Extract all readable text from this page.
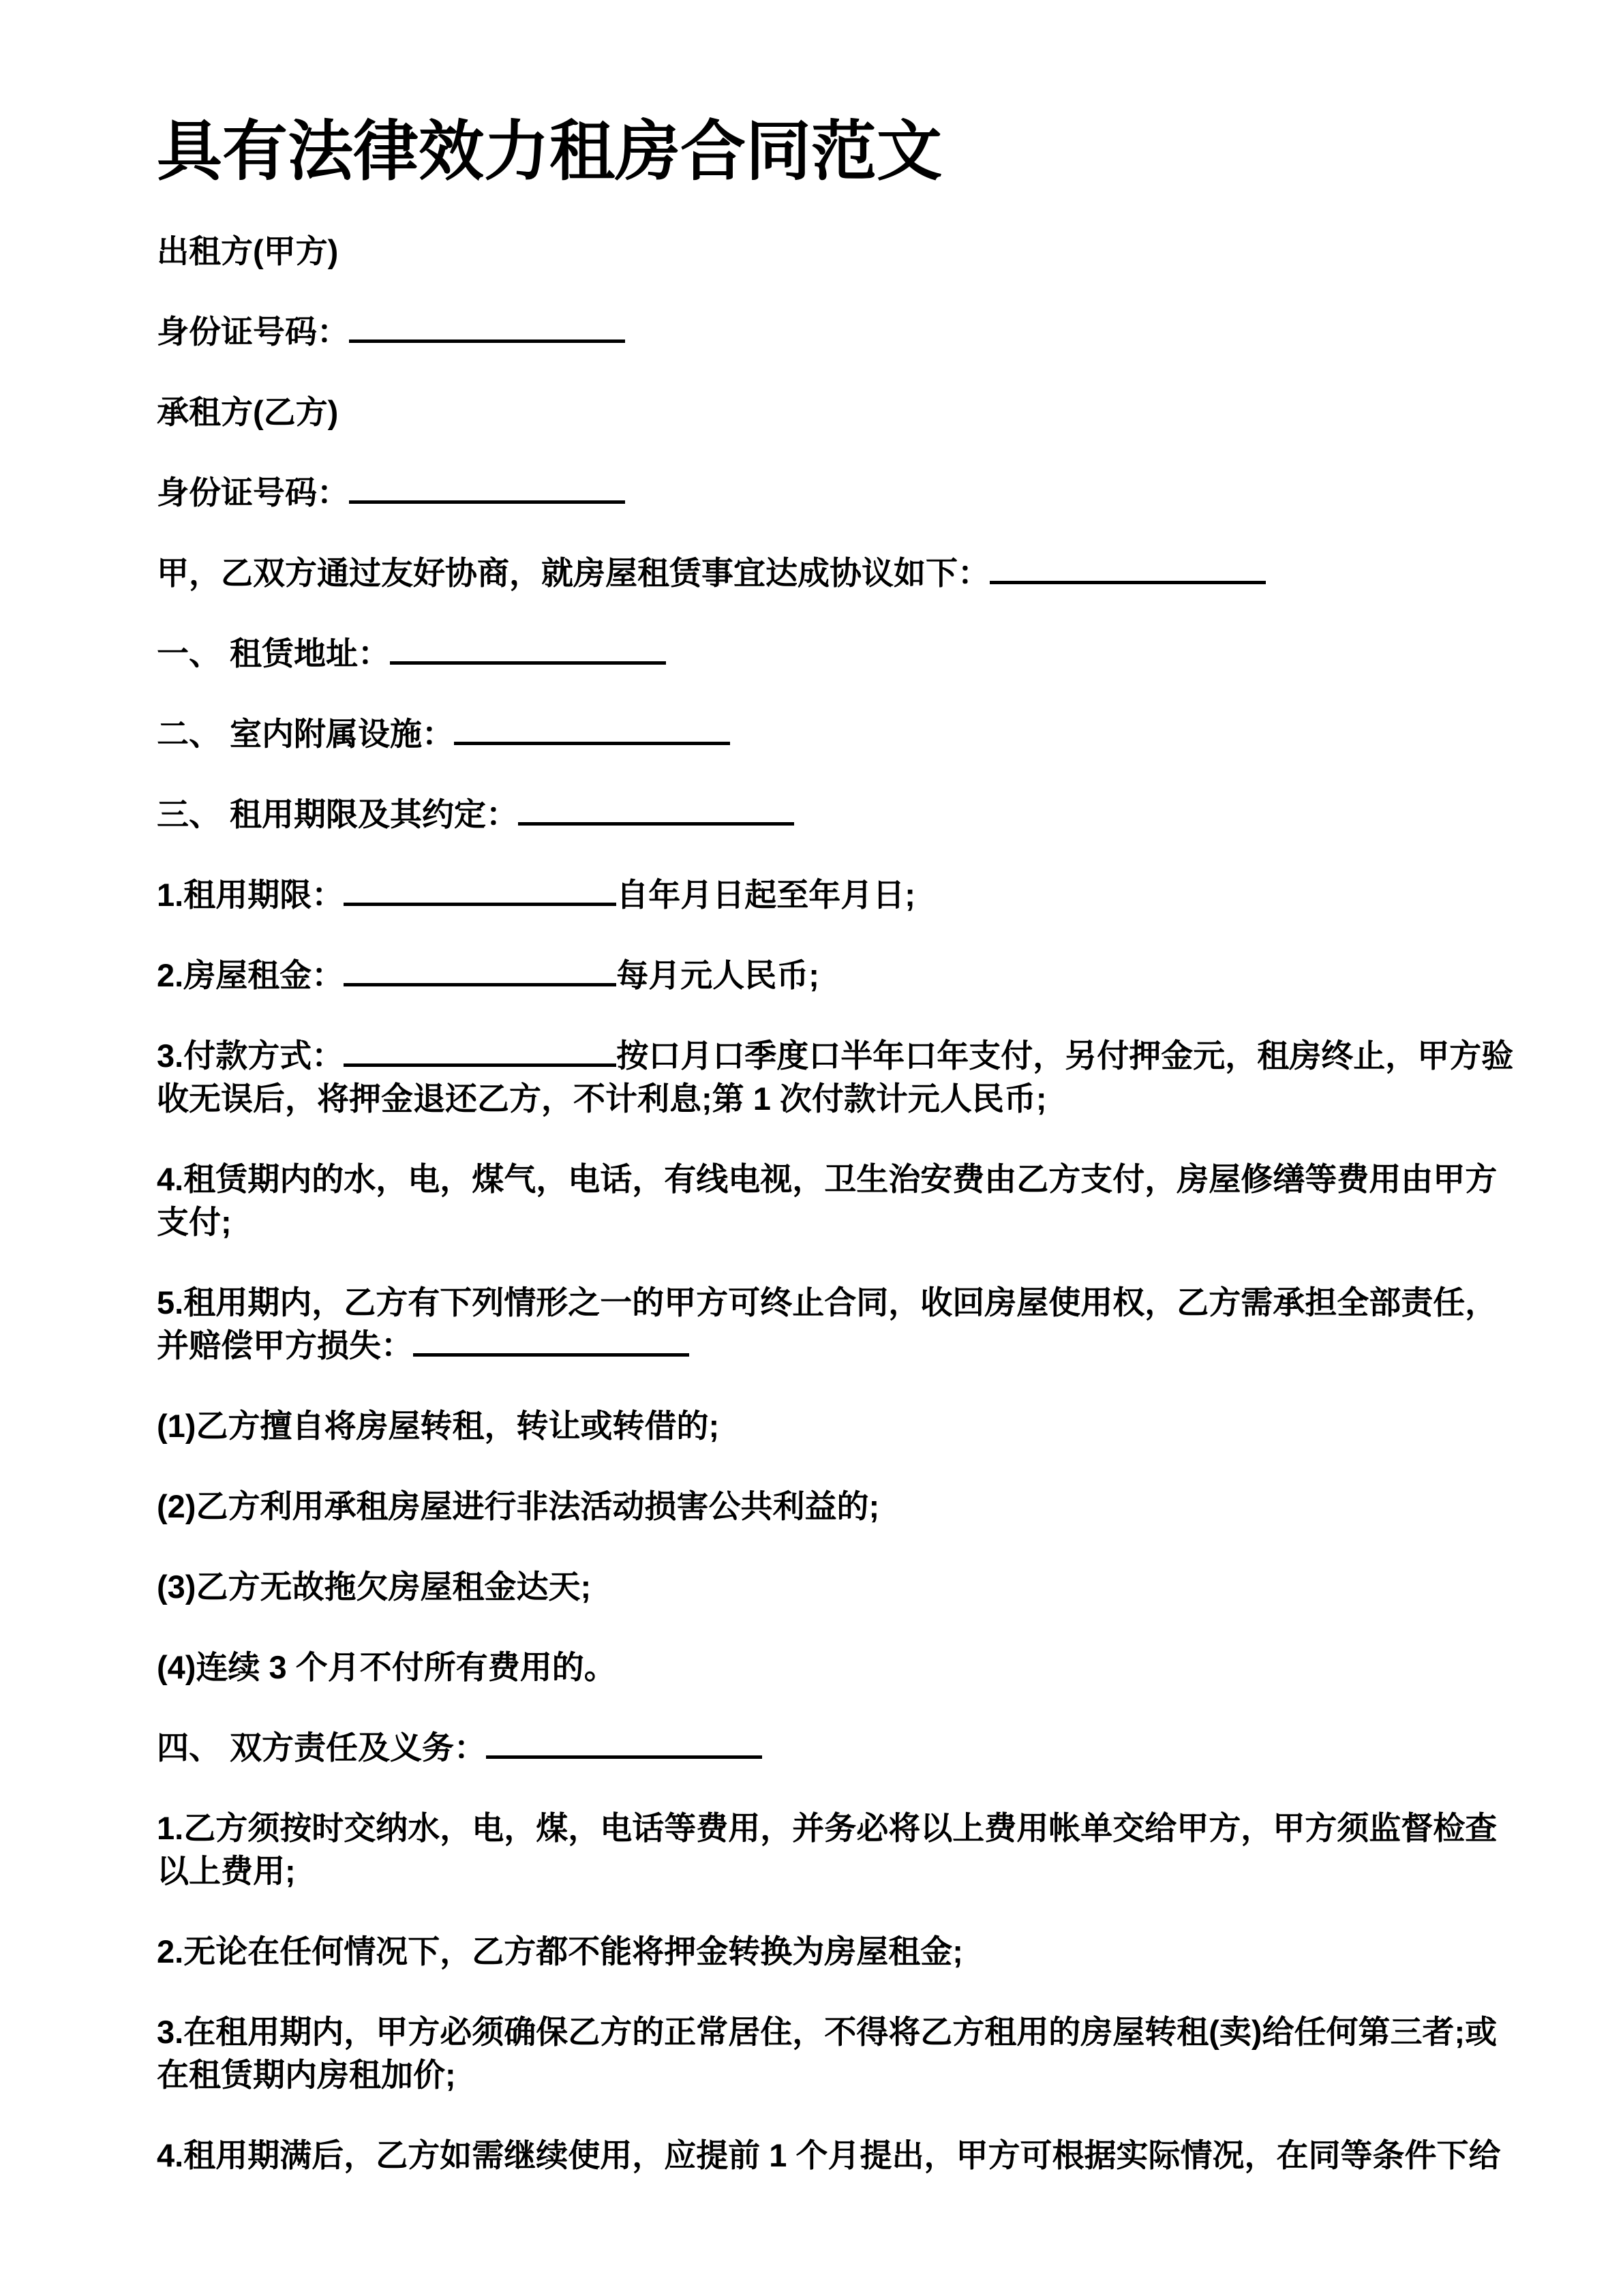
具有法律效力租房合同范文

出租方(甲方)

身份证号码：

承租方(乙方)

身份证号码：

甲，乙双方通过友好协商，就房屋租赁事宜达成协议如下：

一、 租赁地址：

二、 室内附属设施：

三、 租用期限及其约定：

1.租用期限：	自年月日起至年月日;

2.房屋租金：	每月元人民币;

3.付款方式：	按口月口季度口半年口年支付，另付押金元，租房终止，甲方验
收无误后，将押金退还乙方，不计利息;第 1 次付款计元人民币;

4.租赁期内的水，电，煤气，电话，有线电视，卫生治安费由乙方支付，房屋修缮等费用由甲方
支付;

5.租用期内，乙方有下列情形之一的甲方可终止合同，收回房屋使用权，乙方需承担全部责任，
并赔偿甲方损失：

(1)乙方擅自将房屋转租，转让或转借的;

(2)乙方利用承租房屋进行非法活动损害公共利益的;

(3)乙方无故拖欠房屋租金达天;

(4)连续 3 个月不付所有费用的。

四、 双方责任及义务：

1.乙方须按时交纳水，电，煤，电话等费用，并务必将以上费用帐单交给甲方，甲方须监督检查
以上费用;

2.无论在任何情况下，乙方都不能将押金转换为房屋租金;

3.在租用期内，甲方必须确保乙方的正常居住，不得将乙方租用的房屋转租(卖)给任何第三者;或
在租赁期内房租加价;

4.租用期满后，乙方如需继续使用，应提前 1 个月提出，甲方可根据实际情况，在同等条件下给
